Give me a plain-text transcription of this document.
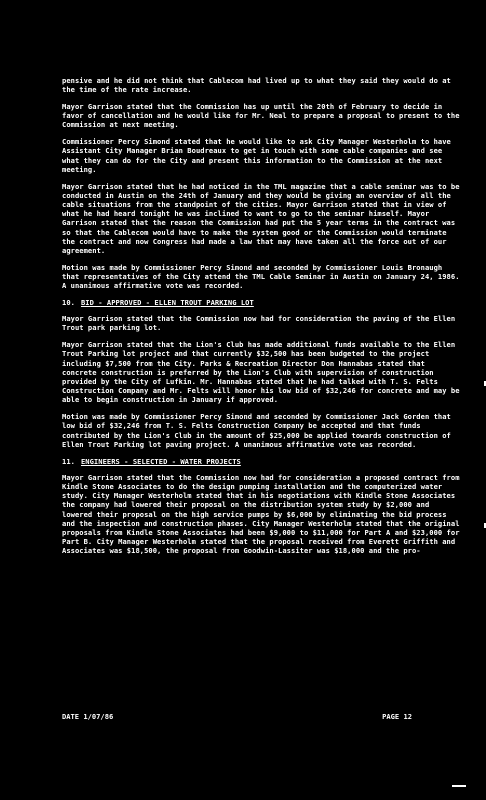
pensive and he did not think that Cablecom had lived up to what they said they would do at the time of the rate increase.

Mayor Garrison stated that the Commission has up until the 20th of February to decide in favor of cancellation and he would like for Mr. Neal to prepare a proposal to present to the Commission at next meeting.

Commissioner Percy Simond stated that he would like to ask City Manager Westerholm to have Assistant City Manager Brian Boudreaux to get in touch with some cable companies and see what they can do for the City and present this information to the Commission at the next meeting.

Mayor Garrison stated that he had noticed in the TML magazine that a cable seminar was to be conducted in Austin on the 24th of January and they would be giving an overview of all the cable situations from the standpoint of the cities. Mayor Garrison stated that in view of what he had heard tonight he was inclined to want to go to the seminar himself. Mayor Garrison stated that the reason the Commission had put the 5 year terms in the contract was so that the Cablecom would have to make the system good or the Commission would terminate the contract and now Congress had made a law that may have taken all the force out of our agreement.

Motion was made by Commissioner Percy Simond and seconded by Commissioner Louis Bronaugh that representatives of the City attend the TML Cable Seminar in Austin on January 24, 1986. A unanimous affirmative vote was recorded.

10. BID - APPROVED - ELLEN TROUT PARKING LOT

Mayor Garrison stated that the Commission now had for consideration the paving of the Ellen Trout park parking lot.

Mayor Garrison stated that the Lion's Club has made additional funds available to the Ellen Trout Parking lot project and that currently $32,500 has been budgeted to the project including $7,500 from the City. Parks & Recreation Director Don Hannabas stated that concrete construction is preferred by the Lion's Club with supervision of construction provided by the City of Lufkin. Mr. Hannabas stated that he had talked with T. S. Felts Construction Company and Mr. Felts will honor his low bid of $32,246 for concrete and may be able to begin construction in January if approved.

Motion was made by Commissioner Percy Simond and seconded by Commissioner Jack Gorden that low bid of $32,246 from T. S. Felts Construction Company be accepted and that funds contributed by the Lion's Club in the amount of $25,000 be applied towards construction of Ellen Trout Parking lot paving project. A unanimous affirmative vote was recorded.

11. ENGINEERS - SELECTED - WATER PROJECTS

Mayor Garrison stated that the Commission now had for consideration a proposed contract from Kindle Stone Associates to do the design pumping installation and the computerized water study. City Manager Westerholm stated that in his negotiations with Kindle Stone Associates the company had lowered their proposal on the distribution system study by $2,000 and lowered their proposal on the high service pumps by $6,000 by eliminating the bid process and the inspection and construction phases. City Manager Westerholm stated that the original proposals from Kindle Stone Associates had been $9,000 to $11,000 for Part A and $23,000 for Part B. City Manager Westerholm stated that the proposal received from Everett Griffith and Associates was $18,500, the proposal from Goodwin-Lassiter was $18,000 and the pro-

DATE 1/07/86	PAGE 12
